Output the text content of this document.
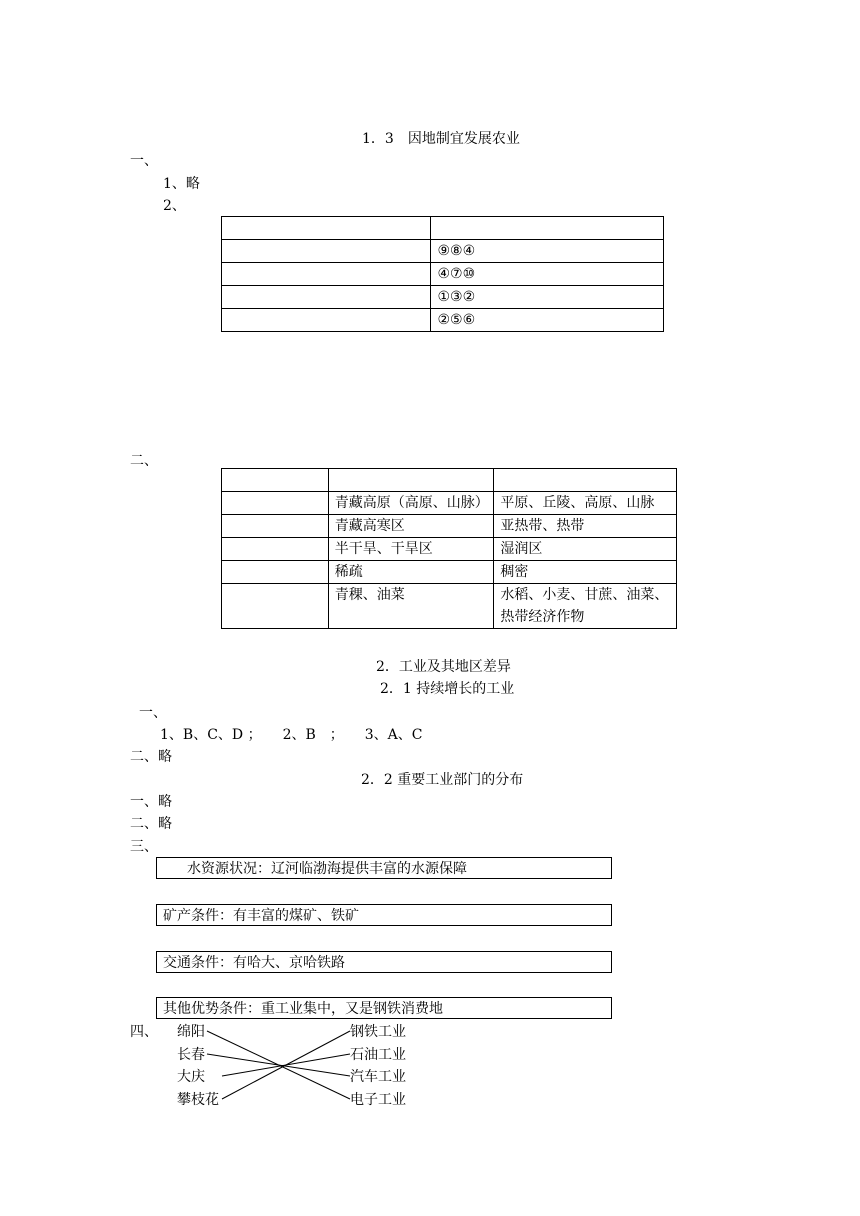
1．3　因地制宜发展农业
一、
1、略
2、

	⑨⑧④
	④⑦⑩
	①③②
	②⑤⑥
二、

	青藏高原（高原、山脉）	平原、丘陵、高原、山脉
	青藏高寒区	亚热带、热带
	半干旱、干旱区	湿润区
	稀疏	稠密
	青稞、油菜	水稻、小麦、甘蔗、油菜、热带经济作物
2．工业及其地区差异
2．1 持续增长的工业
一、
1、B、C、D ；　　2、B　；　　3、A、C
二、略
2．2 重要工业部门的分布
一、略
二、略
三、
水资源状况：辽河临渤海提供丰富的水源保障
矿产条件：有丰富的煤矿、铁矿
交通条件：有哈大、京哈铁路
其他优势条件：重工业集中，又是钢铁消费地
四、 绵阳
长春
大庆
攀枝花
钢铁工业
石油工业
汽车工业
电子工业
